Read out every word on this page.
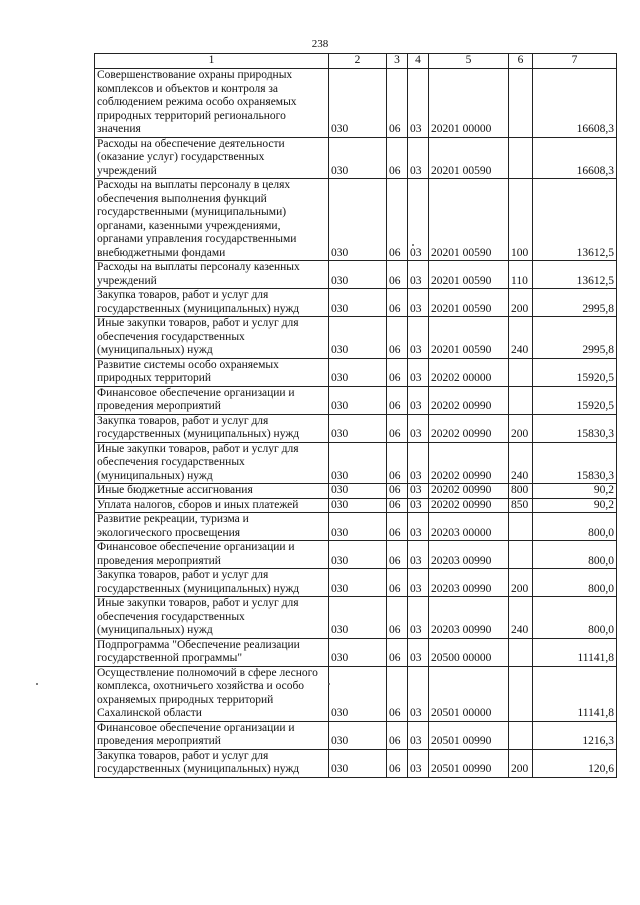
238
1	2	3	4	5	6	7
Совершенствование охраны природных комплексов и объектов и контроля за соблюдением режима особо охраняемых природных территорий регионального значения	030	06	03	20201 00000		16608,3
Расходы на обеспечение деятельности (оказание услуг) государственных учреждений	030	06	03	20201 00590		16608,3
Расходы на выплаты персоналу в целях обеспечения выполнения функций государственными (муниципальными) органами, казенными учреждениями, органами управления государственными внебюджетными фондами	030	06	03	20201 00590	100	13612,5
Расходы на выплаты персоналу казенных учреждений	030	06	03	20201 00590	110	13612,5
Закупка товаров, работ и услуг для государственных (муниципальных) нужд	030	06	03	20201 00590	200	2995,8
Иные закупки товаров, работ и услуг для обеспечения государственных (муниципальных) нужд	030	06	03	20201 00590	240	2995,8
Развитие системы особо охраняемых природных территорий	030	06	03	20202 00000		15920,5
Финансовое обеспечение организации и проведения мероприятий	030	06	03	20202 00990		15920,5
Закупка товаров, работ и услуг для государственных (муниципальных) нужд	030	06	03	20202 00990	200	15830,3
Иные закупки товаров, работ и услуг для обеспечения государственных (муниципальных) нужд	030	06	03	20202 00990	240	15830,3
Иные бюджетные ассигнования	030	06	03	20202 00990	800	90,2
Уплата налогов, сборов и иных платежей	030	06	03	20202 00990	850	90,2
Развитие рекреации, туризма и экологического просвещения	030	06	03	20203 00000		800,0
Финансовое обеспечение организации и проведения мероприятий	030	06	03	20203 00990		800,0
Закупка товаров, работ и услуг для государственных (муниципальных) нужд	030	06	03	20203 00990	200	800,0
Иные закупки товаров, работ и услуг для обеспечения государственных (муниципальных) нужд	030	06	03	20203 00990	240	800,0
Подпрограмма "Обеспечение реализации государственной программы"	030	06	03	20500 00000		11141,8
Осуществление полномочий в сфере лесного комплекса, охотничьего хозяйства и особо охраняемых природных территорий Сахалинской области	030	06	03	20501 00000		11141,8
Финансовое обеспечение организации и проведения мероприятий	030	06	03	20501 00990		1216,3
Закупка товаров, работ и услуг для государственных (муниципальных) нужд	030	06	03	20501 00990	200	120,6
